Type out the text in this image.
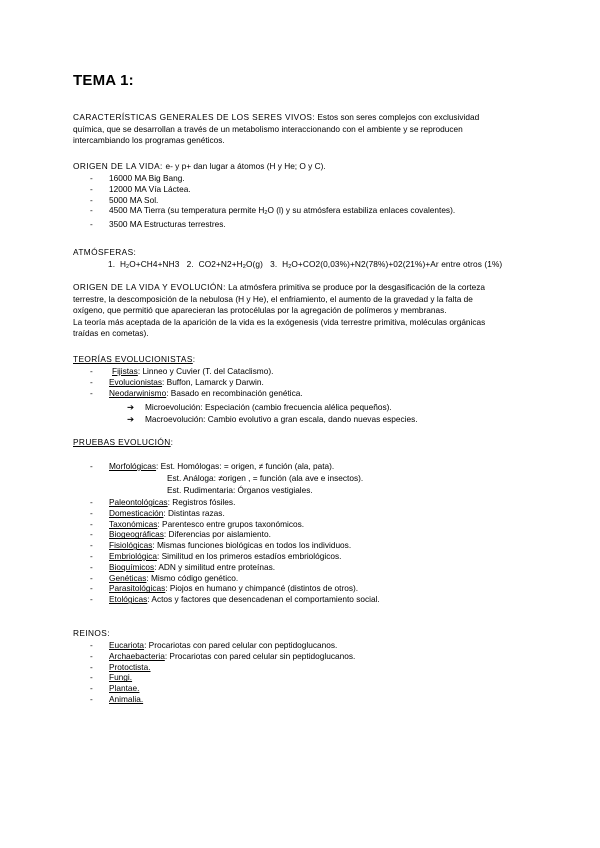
TEMA 1:
CARACTERÍSTICAS GENERALES DE LOS SERES VIVOS: Estos son seres complejos con exclusividad
química, que se desarrollan a través de un metabolismo interaccionando con el ambiente y se reproducen
intercambiando los programas genéticos.
ORIGEN DE LA VIDA: e- y p+ dan lugar a átomos (H y He; O y C).
- 16000 MA Big Bang.
- 12000 MA Vía Láctea.
- 5000 MA Sol.
- 4500 MA Tierra (su temperatura permite $H_2O$ (l) y su atmósfera estabiliza enlaces covalentes).
- 3500 MA Estructuras terrestres.
ATMÓSFERAS:
1. $H_2O+CH4+NH3$ 2. $CO2+N2+H_2O(g)$ 3. $H_2O+CO2(0,03\%)+N2(78\%)+02(21\%)+Ar$ entre otros (1%)
ORIGEN DE LA VIDA Y EVOLUCIÓN: La atmósfera primitiva se produce por la desgasificación de la corteza
terrestre, la descomposición de la nebulosa (H y He), el enfriamiento, el aumento de la gravedad y la falta de
oxígeno, que permitió que aparecieran las protocélulas por la agregación de polímeros y membranas.
La teoría más aceptada de la aparición de la vida es la exógenesis (vida terrestre primitiva, moléculas orgánicas
traídas en cometas).
TEORÍAS EVOLUCIONISTAS:
- Fijistas: Linneo y Cuvier (T. del Cataclismo).
- Evolucionistas: Buffon, Lamarck y Darwin.
- Neodarwinismo: Basado en recombinación genética.
➔ Microevolución: Especiación (cambio frecuencia alélica pequeños).
➔ Macroevolución: Cambio evolutivo a gran escala, dando nuevas especies.
PRUEBAS EVOLUCIÓN:
- Morfológicas: Est. Homólogas: = origen, ≠ función (ala, pata).
Est. Análoga: ≠origen , = función (ala ave e insectos).
Est. Rudimentaria: Órganos vestigiales.
- Paleontológicas: Registros fósiles.
- Domesticación: Distintas razas.
- Taxonómicas: Parentesco entre grupos taxonómicos.
- Biogeográficas: Diferencias por aislamiento.
- Fisiológicas: Mismas funciones biológicas en todos los individuos.
- Embriológica: Similitud en los primeros estadíos embriológicos.
- Bioquímicos: ADN y similitud entre proteínas.
- Genéticas: Mismo código genético.
- Parasitológicas: Piojos en humano y chimpancé (distintos de otros).
- Etológicas: Actos y factores que desencadenan el comportamiento social.
REINOS:
- Eucariota: Procariotas con pared celular con peptidoglucanos.
- Archaebacteria: Procariotas con pared celular sin peptidoglucanos.
- Protoctista.
- Fungi.
- Plantae.
- Animalia.
